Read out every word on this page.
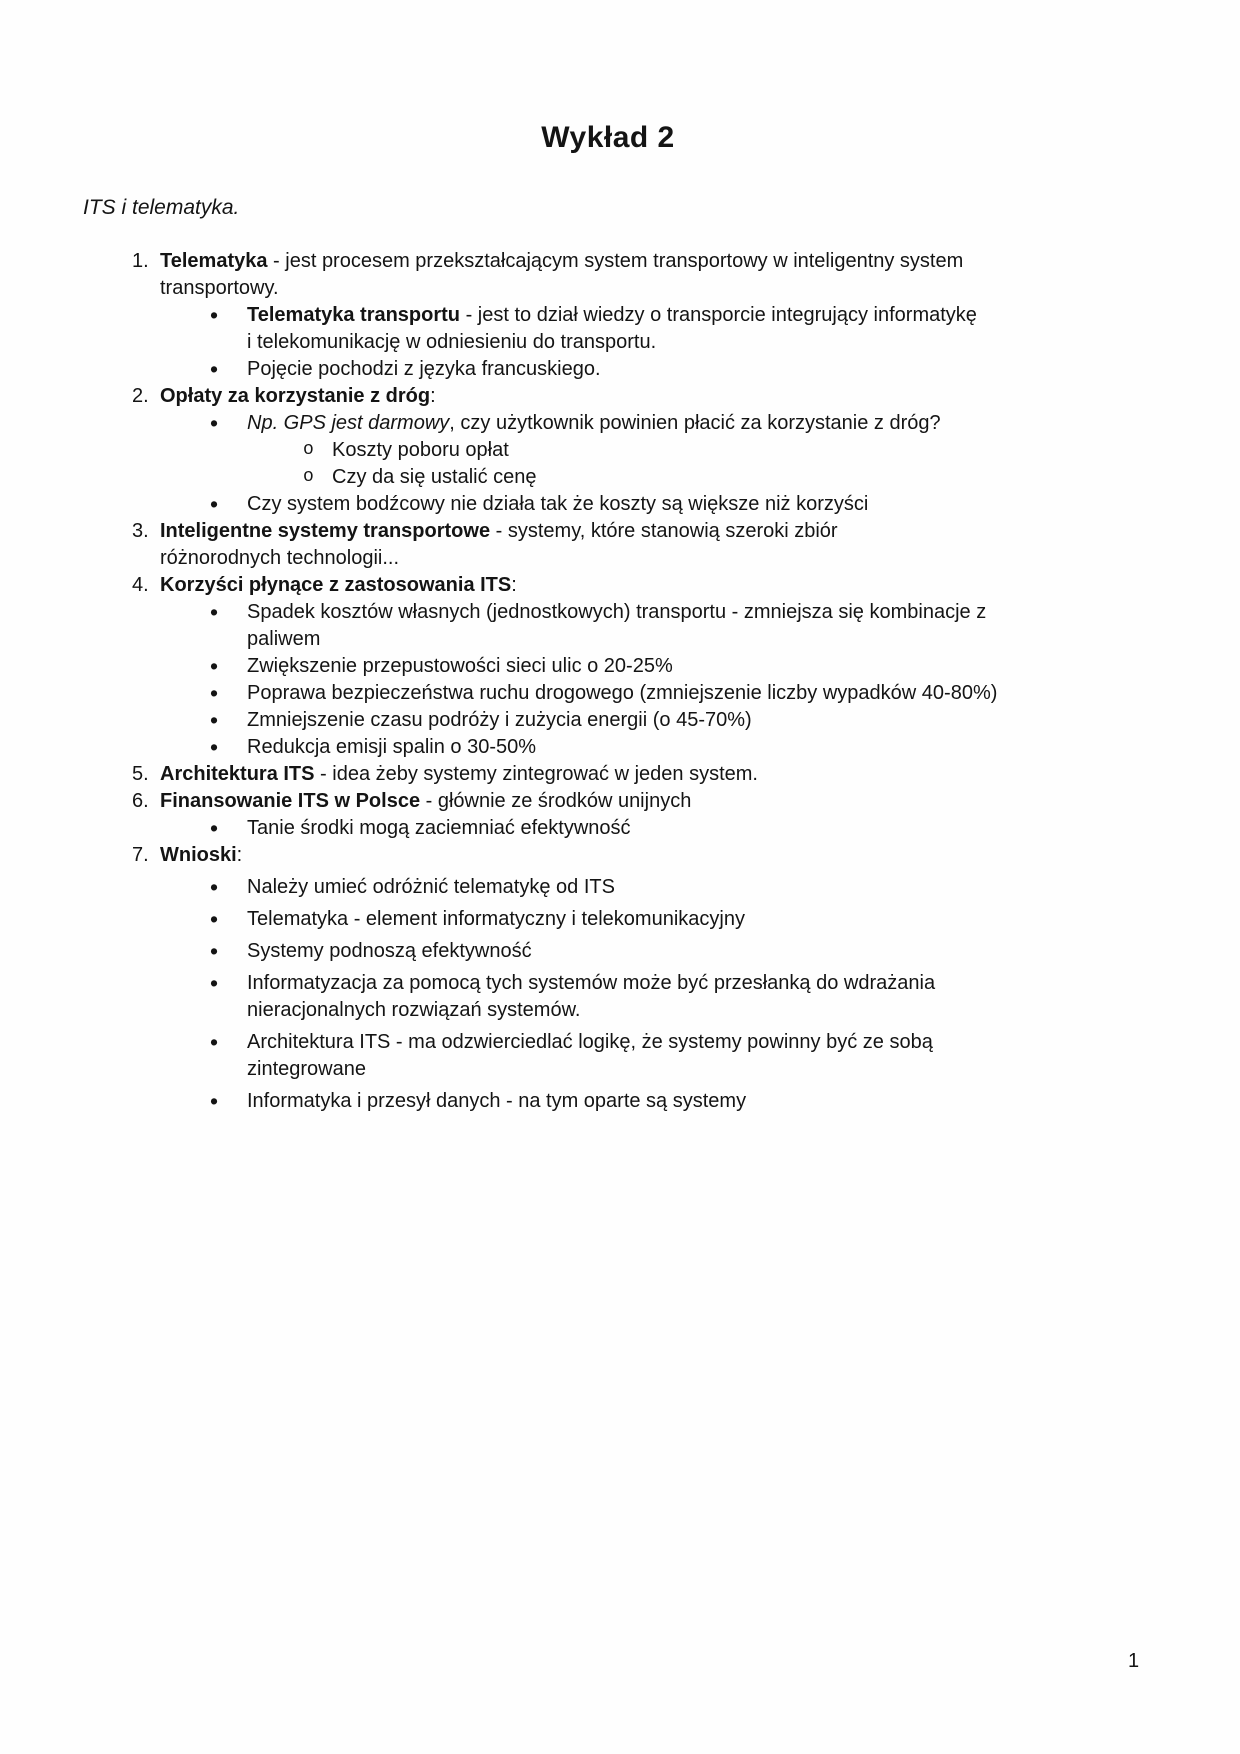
Wykład 2

ITS i telematyka.

1. Telematyka - jest procesem przekształcającym system transportowy w inteligentny system
transportowy.
•	Telematyka transportu - jest to dział wiedzy o transporcie integrujący informatykę
i telekomunikację w odniesieniu do transportu.
•	Pojęcie pochodzi z języka francuskiego.
2. Opłaty za korzystanie z dróg:
•	Np. GPS jest darmowy, czy użytkownik powinien płacić za korzystanie z dróg?
o Koszty poboru opłat
o Czy da się ustalić cenę
•	Czy system bodźcowy nie działa tak że koszty są większe niż korzyści
3. Inteligentne systemy transportowe - systemy, które stanowią szeroki zbiór
różnorodnych technologii...
4. Korzyści płynące z zastosowania ITS:
•	Spadek kosztów własnych (jednostkowych) transportu - zmniejsza się kombinacje z
paliwem
•	Zwiększenie przepustowości sieci ulic o 20-25%
•	Poprawa bezpieczeństwa ruchu drogowego (zmniejszenie liczby wypadków 40-80%)
•	Zmniejszenie czasu podróży i zużycia energii (o 45-70%)
•	Redukcja emisji spalin o 30-50%
5. Architektura ITS - idea żeby systemy zintegrować w jeden system.
6. Finansowanie ITS w Polsce - głównie ze środków unijnych
•	Tanie środki mogą zaciemniać efektywność
7. Wnioski:
•	Należy umieć odróżnić telematykę od ITS
•	Telematyka - element informatyczny i telekomunikacyjny
•	Systemy podnoszą efektywność
•	Informatyzacja za pomocą tych systemów może być przesłanką do wdrażania
nieracjonalnych rozwiązań systemów.
•	Architektura ITS - ma odzwierciedlać logikę, że systemy powinny być ze sobą
zintegrowane
•	Informatyka i przesył danych - na tym oparte są systemy
1
